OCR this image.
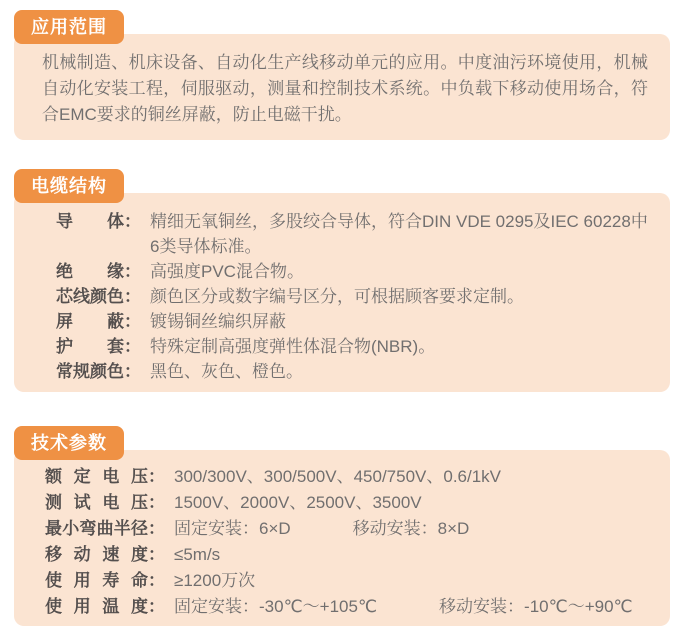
应用范围

机械制造、机床设备、自动化生产线移动单元的应用。中度油污环境使用，机械自动化安装工程，伺服驱动，测量和控制技术系统。中负载下移动使用场合，符合EMC要求的铜丝屏蔽，防止电磁干扰。

电缆结构
导体 ： 精细无氧铜丝，多股绞合导体，符合DIN VDE 0295及IEC 60228中6类导体标准。
绝缘 ： 高强度PVC混合物。
芯线颜色 ： 颜色区分或数字编号区分，可根据顾客要求定制。
屏蔽 ： 镀锡铜丝编织屏蔽
护套 ： 特殊定制高强度弹性体混合物(NBR)。
常规颜色 ： 黑色、灰色、橙色。
技术参数
额定电压 ： 300/300V、300/500V、450/750V、0.6/1kV
测试电压 ： 1500V、2000V、2500V、3500V
最小弯曲半径 ： 固定安装：6×D	移动安装：8×D
移动速度 ： ≤5m/s
使用寿命 ： ≥1200万次
使用温度 ： 固定安装：-30℃～+105℃	移动安装：-10℃～+90℃
